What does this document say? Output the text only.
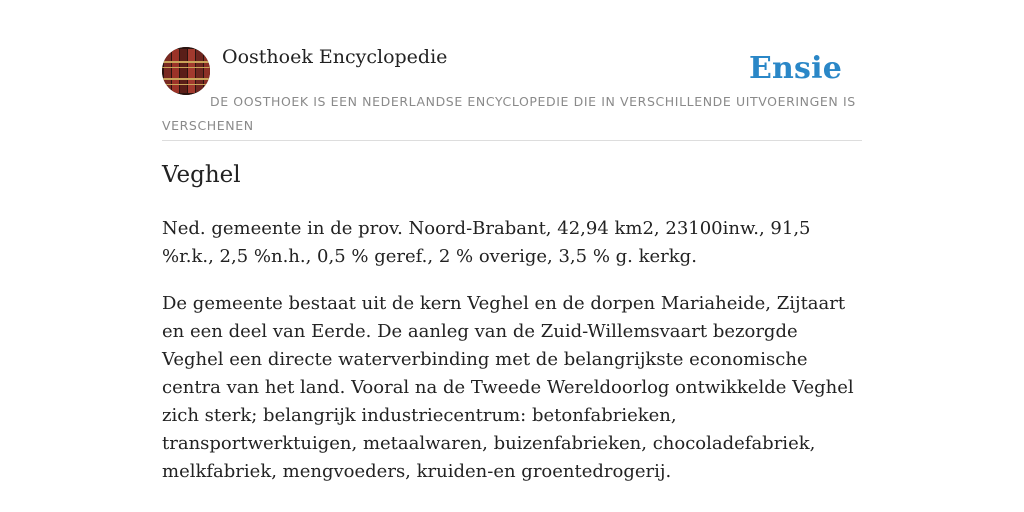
Oosthoek Encyclopedie	Ensie
DE OOSTHOEK IS EEN NEDERLANDSE ENCYCLOPEDIE DIE IN VERSCHILLENDE UITVOERINGEN IS VERSCHENEN
Veghel

Ned. gemeente in de prov. Noord-Brabant, 42,94 km2, 23100inw., 91,5 %r.k., 2,5 %n.h., 0,5 % geref., 2 % overige, 3,5 % g. kerkg.

De gemeente bestaat uit de kern Veghel en de dorpen Mariaheide, Zijtaart en een deel van Eerde. De aanleg van de Zuid-Willemsvaart bezorgde Veghel een directe waterverbinding met de belangrijkste economische centra van het land. Vooral na de Tweede Wereldoorlog ontwikkelde Veghel zich sterk; belangrijk industriecentrum: betonfabrieken, transportwerktuigen, metaalwaren, buizenfabrieken, chocoladefabriek, melkfabriek, mengvoeders, kruiden-en groentedrogerij.
